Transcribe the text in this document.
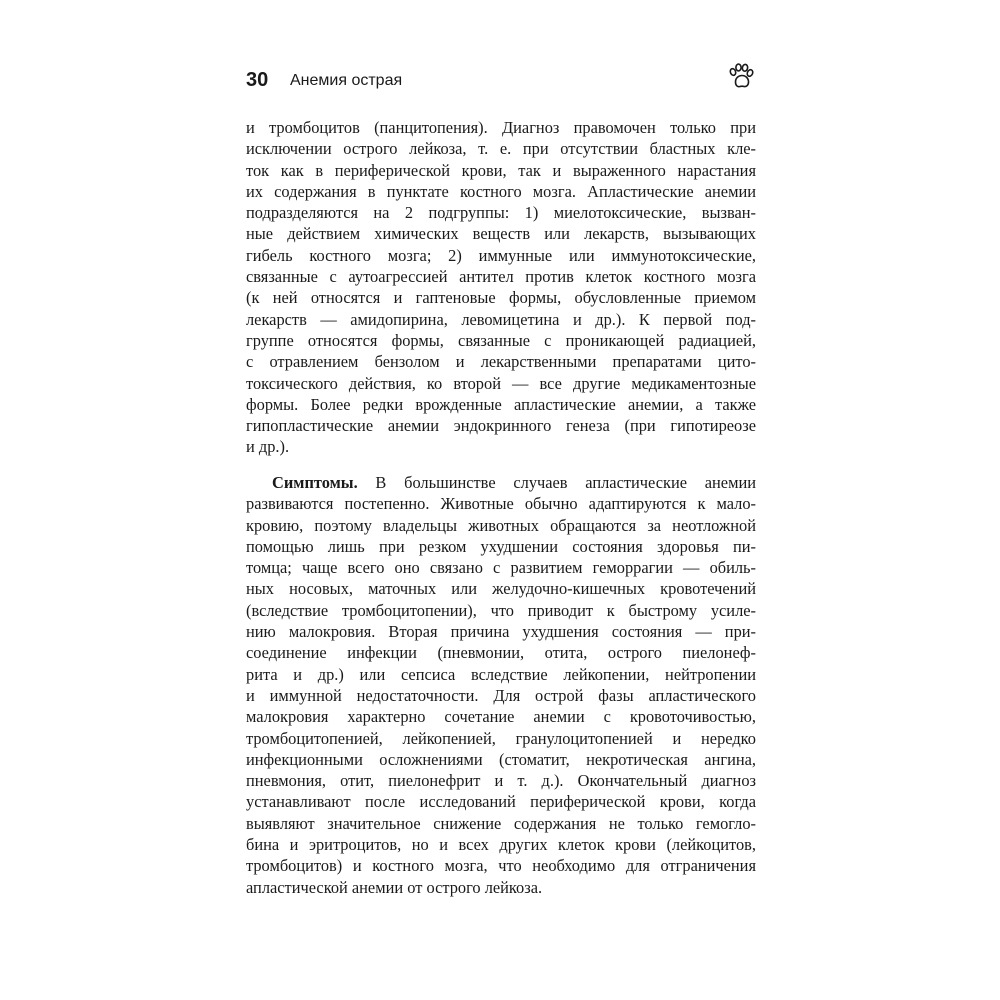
30 Анемия острая
и тромбоцитов (панцитопения). Диагноз правомочен только при
исключении острого лейкоза, т. е. при отсутствии бластных кле-
ток как в периферической крови, так и выраженного нарастания
их содержания в пунктате костного мозга. Апластические анемии
подразделяются на 2 подгруппы: 1) миелотоксические, вызван-
ные действием химических веществ или лекарств, вызывающих
гибель костного мозга; 2) иммунные или иммунотоксические,
связанные с аутоагрессией антител против клеток костного мозга
(к ней относятся и гаптеновые формы, обусловленные приемом
лекарств — амидопирина, левомицетина и др.). К первой под-
группе относятся формы, связанные с проникающей радиацией,
с отравлением бензолом и лекарственными препаратами цито-
токсического действия, ко второй — все другие медикаментозные
формы. Более редки врожденные апластические анемии, а также
гипопластические анемии эндокринного генеза (при гипотиреозе
и др.).
Симптомы. В большинстве случаев апластические анемии
развиваются постепенно. Животные обычно адаптируются к мало-
кровию, поэтому владельцы животных обращаются за неотложной
помощью лишь при резком ухудшении состояния здоровья пи-
томца; чаще всего оно связано с развитием геморрагии — обиль-
ных носовых, маточных или желудочно-кишечных кровотечений
(вследствие тромбоцитопении), что приводит к быстрому усиле-
нию малокровия. Вторая причина ухудшения состояния — при-
соединение инфекции (пневмонии, отита, острого пиелонеф-
рита и др.) или сепсиса вследствие лейкопении, нейтропении
и иммунной недостаточности. Для острой фазы апластического
малокровия характерно сочетание анемии с кровоточивостью,
тромбоцитопенией, лейкопенией, гранулоцитопенией и нередко
инфекционными осложнениями (стоматит, некротическая ангина,
пневмония, отит, пиелонефрит и т. д.). Окончательный диагноз
устанавливают после исследований периферической крови, когда
выявляют значительное снижение содержания не только гемогло-
бина и эритроцитов, но и всех других клеток крови (лейкоцитов,
тромбоцитов) и костного мозга, что необходимо для отграничения
апластической анемии от острого лейкоза.
